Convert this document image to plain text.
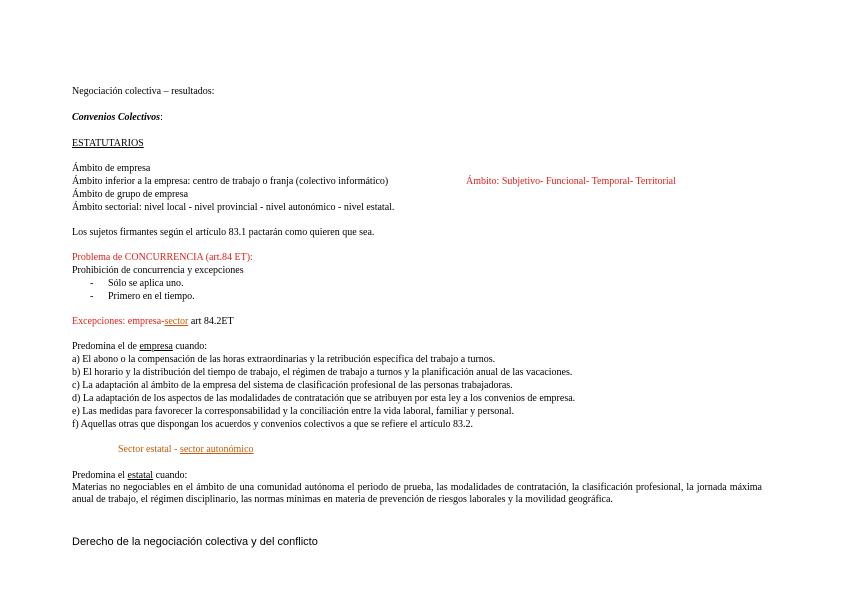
Negociación colectiva – resultados:
Convenios Colectivos:
ESTATUTARIOS
Ámbito de empresa
Ámbito inferior a la empresa: centro de trabajo o franja (colectivo informático)	Ámbito: Subjetivo- Funcional- Temporal- Territorial
Ámbito de grupo de empresa
Ámbito sectorial: nivel local - nivel provincial - nivel autonómico - nivel estatal.
Los sujetos firmantes según el artículo 83.1 pactarán como quieren que sea.
Problema de CONCURRENCIA (art.84 ET):
Prohibición de concurrencia y excepciones
- Sólo se aplica uno.
- Primero en el tiempo.
Excepciones: empresa-sector art 84.2ET
Predomina el de empresa cuando:
a) El abono o la compensación de las horas extraordinarias y la retribución específica del trabajo a turnos.
b) El horario y la distribución del tiempo de trabajo, el régimen de trabajo a turnos y la planificación anual de las vacaciones.
c) La adaptación al ámbito de la empresa del sistema de clasificación profesional de las personas trabajadoras.
d) La adaptación de los aspectos de las modalidades de contratación que se atribuyen por esta ley a los convenios de empresa.
e) Las medidas para favorecer la corresponsabilidad y la conciliación entre la vida laboral, familiar y personal.
f) Aquellas otras que dispongan los acuerdos y convenios colectivos a que se refiere el artículo 83.2.
Sector estatal - sector autonómico
Predomina el estatal cuando:
Materias no negociables en el ámbito de una comunidad autónoma el periodo de prueba, las modalidades de contratación, la clasificación profesional, la jornada máxima anual de trabajo, el régimen disciplinario, las normas mínimas en materia de prevención de riesgos laborales y la movilidad geográfica.
Derecho de la negociación colectiva y del conflicto
